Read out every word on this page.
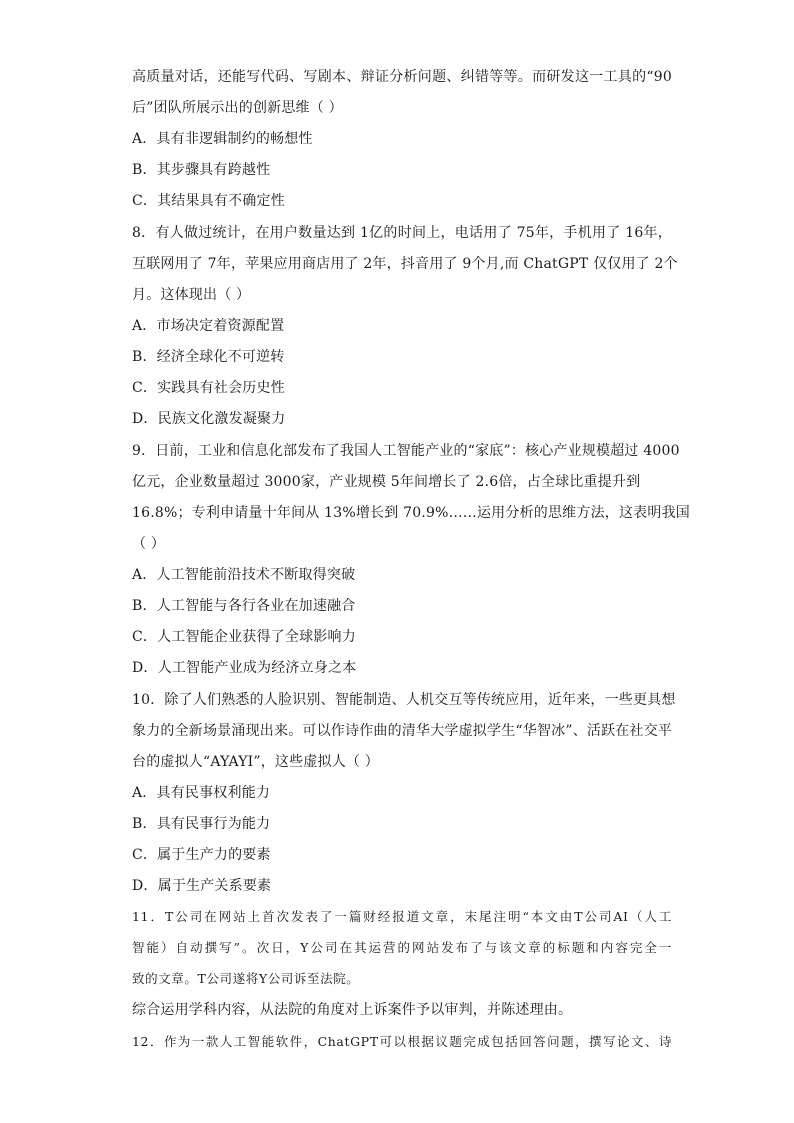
高质量对话，还能写代码、写剧本、辩证分析问题、纠错等等。而研发这一工具的“90
后”团队所展示出的创新思维（ ）
A．具有非逻辑制约的畅想性
B．其步骤具有跨越性
C．其结果具有不确定性
8．有人做过统计，在用户数量达到 1亿的时间上，电话用了 75年，手机用了 16年，
互联网用了 7年，苹果应用商店用了 2年，抖音用了 9个月,而 ChatGPT 仅仅用了 2个
月。这体现出（ ）
A．市场决定着资源配置
B．经济全球化不可逆转
C．实践具有社会历史性
D．民族文化激发凝聚力
9．日前，工业和信息化部发布了我国人工智能产业的“家底”：核心产业规模超过 4000
亿元，企业数量超过 3000家，产业规模 5年间增长了 2.6倍，占全球比重提升到
16.8%；专利申请量十年间从 13%增长到 70.9%……运用分析的思维方法，这表明我国
（ ）
A．人工智能前沿技术不断取得突破
B．人工智能与各行各业在加速融合
C．人工智能企业获得了全球影响力
D．人工智能产业成为经济立身之本
10．除了人们熟悉的人脸识别、智能制造、人机交互等传统应用，近年来，一些更具想
象力的全新场景涌现出来。可以作诗作曲的清华大学虚拟学生“华智冰”、活跃在社交平
台的虚拟人“AYAYI”，这些虚拟人（ ）
A．具有民事权利能力
B．具有民事行为能力
C．属于生产力的要素
D．属于生产关系要素
11．T公司在网站上首次发表了一篇财经报道文章，末尾注明“本文由T公司AI（人工
智能）自动撰写”。次日，Y公司在其运营的网站发布了与该文章的标题和内容完全一
致的文章。T公司遂将Y公司诉至法院。
综合运用学科内容，从法院的角度对上诉案件予以审判，并陈述理由。
12．作为一款人工智能软件，ChatGPT可以根据议题完成包括回答问题，撰写论文、诗
